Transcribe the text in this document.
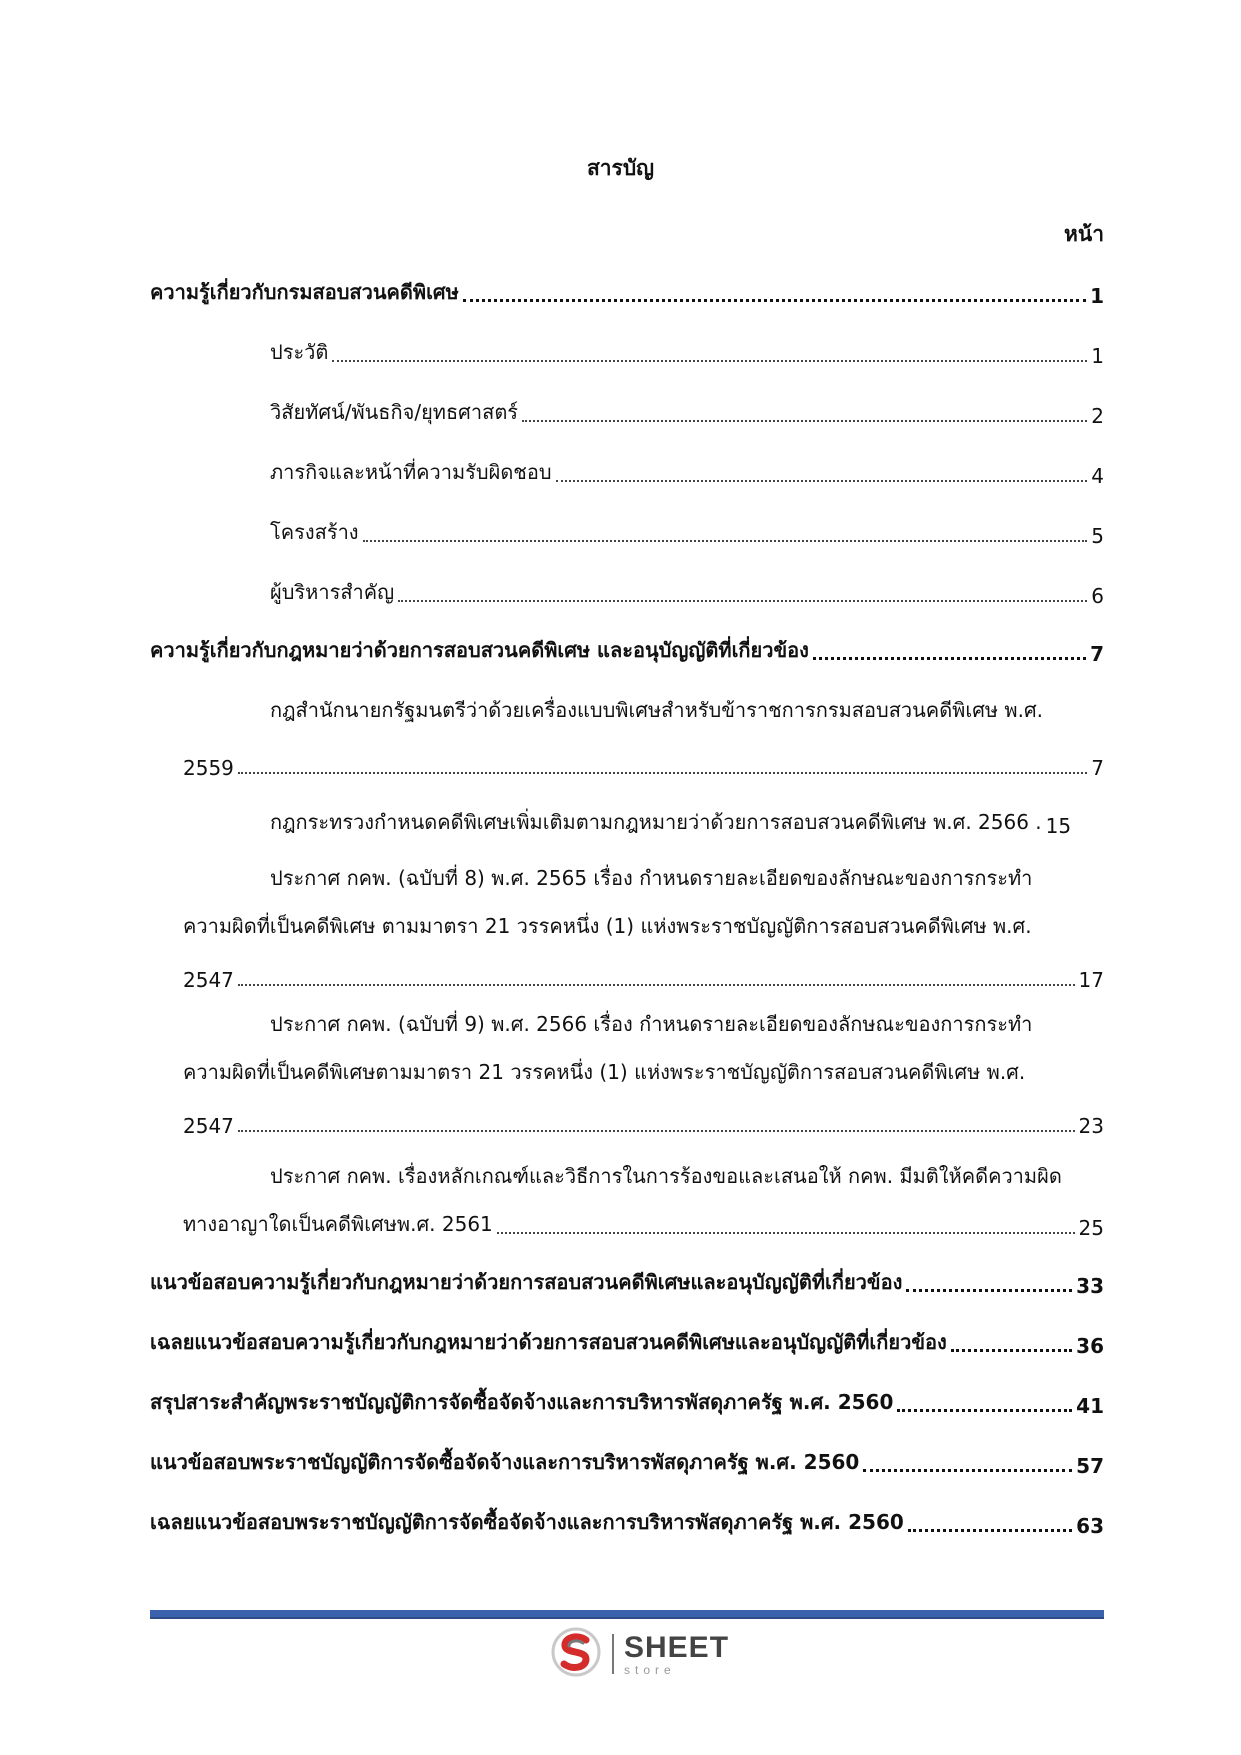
สารบัญ
หน้า
ความรู้เกี่ยวกับกรมสอบสวนคดีพิเศษ	1
ประวัติ	1
วิสัยทัศน์/พันธกิจ/ยุทธศาสตร์	2
ภารกิจและหน้าที่ความรับผิดชอบ	4
โครงสร้าง	5
ผู้บริหารสำคัญ	6
ความรู้เกี่ยวกับกฎหมายว่าด้วยการสอบสวนคดีพิเศษ และอนุบัญญัติที่เกี่ยวข้อง	7
กฎสำนักนายกรัฐมนตรีว่าด้วยเครื่องแบบพิเศษสำหรับข้าราชการกรมสอบสวนคดีพิเศษ พ.ศ.
2559	7
กฎกระทรวงกำหนดคดีพิเศษเพิ่มเติมตามกฎหมายว่าด้วยการสอบสวนคดีพิเศษ พ.ศ. 2566 . 15
ประกาศ กคพ. (ฉบับที่ 8) พ.ศ. 2565 เรื่อง กำหนดรายละเอียดของลักษณะของการกระทำ
ความผิดที่เป็นคดีพิเศษ ตามมาตรา 21 วรรคหนึ่ง (1) แห่งพระราชบัญญัติการสอบสวนคดีพิเศษ พ.ศ.
2547	17
ประกาศ กคพ. (ฉบับที่ 9) พ.ศ. 2566 เรื่อง กำหนดรายละเอียดของลักษณะของการกระทำ
ความผิดที่เป็นคดีพิเศษตามมาตรา 21 วรรคหนึ่ง (1) แห่งพระราชบัญญัติการสอบสวนคดีพิเศษ พ.ศ.
2547	23
ประกาศ กคพ. เรื่องหลักเกณฑ์และวิธีการในการร้องขอและเสนอให้ กคพ. มีมติให้คดีความผิด
ทางอาญาใดเป็นคดีพิเศษพ.ศ. 2561	25
แนวข้อสอบความรู้เกี่ยวกับกฎหมายว่าด้วยการสอบสวนคดีพิเศษและอนุบัญญัติที่เกี่ยวข้อง	33
เฉลยแนวข้อสอบความรู้เกี่ยวกับกฎหมายว่าด้วยการสอบสวนคดีพิเศษและอนุบัญญัติที่เกี่ยวข้อง	36
สรุปสาระสำคัญพระราชบัญญัติการจัดซื้อจัดจ้างและการบริหารพัสดุภาครัฐ พ.ศ. 2560	41
แนวข้อสอบพระราชบัญญัติการจัดซื้อจัดจ้างและการบริหารพัสดุภาครัฐ พ.ศ. 2560	57
เฉลยแนวข้อสอบพระราชบัญญัติการจัดซื้อจัดจ้างและการบริหารพัสดุภาครัฐ พ.ศ. 2560	63
SHEET
store
